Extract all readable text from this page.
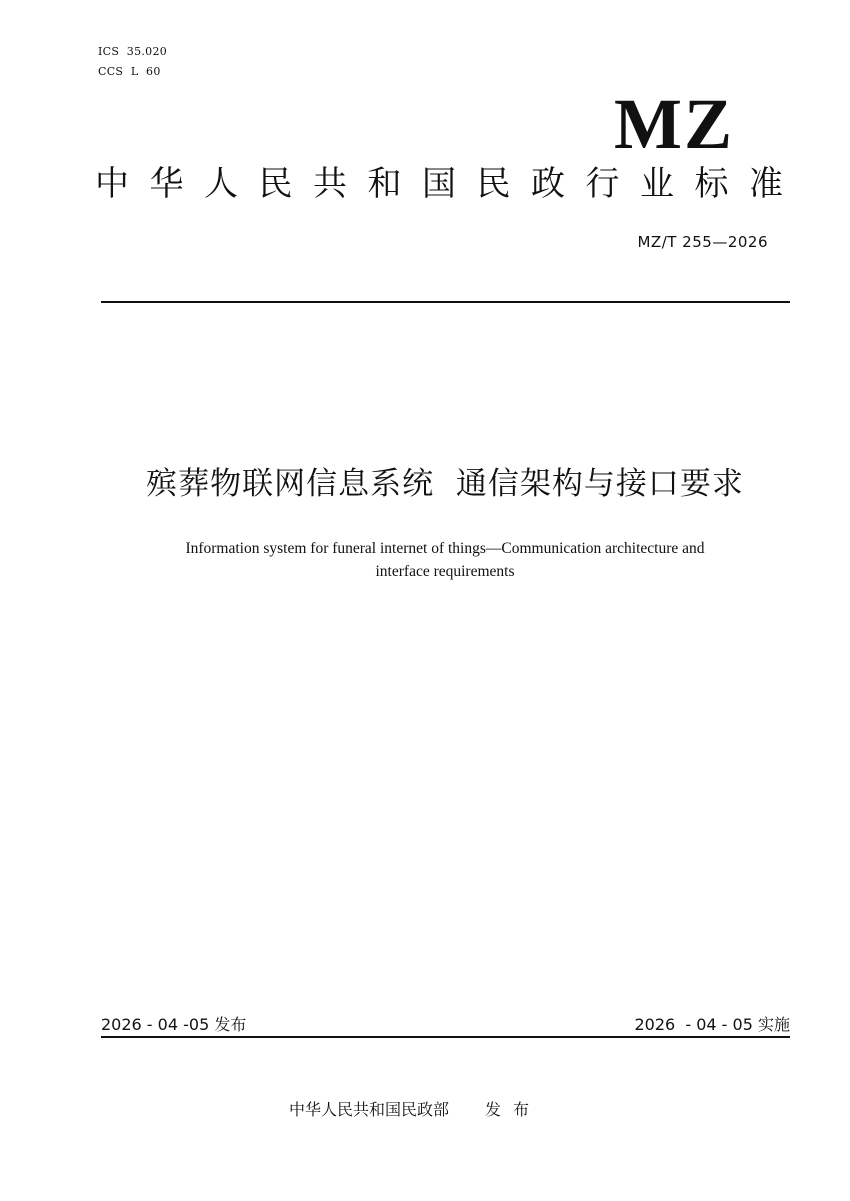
ICS  35.020
CCS  L  60
MZ
中华人民共和国民政行业标准
MZ/T 255—2026
殡葬物联网信息系统  通信架构与接口要求
Information system for funeral internet of things—Communication architecture and
interface requirements
2026 - 04 -05 发布	2026  - 04 - 05 实施
中华人民共和国民政部 发布
